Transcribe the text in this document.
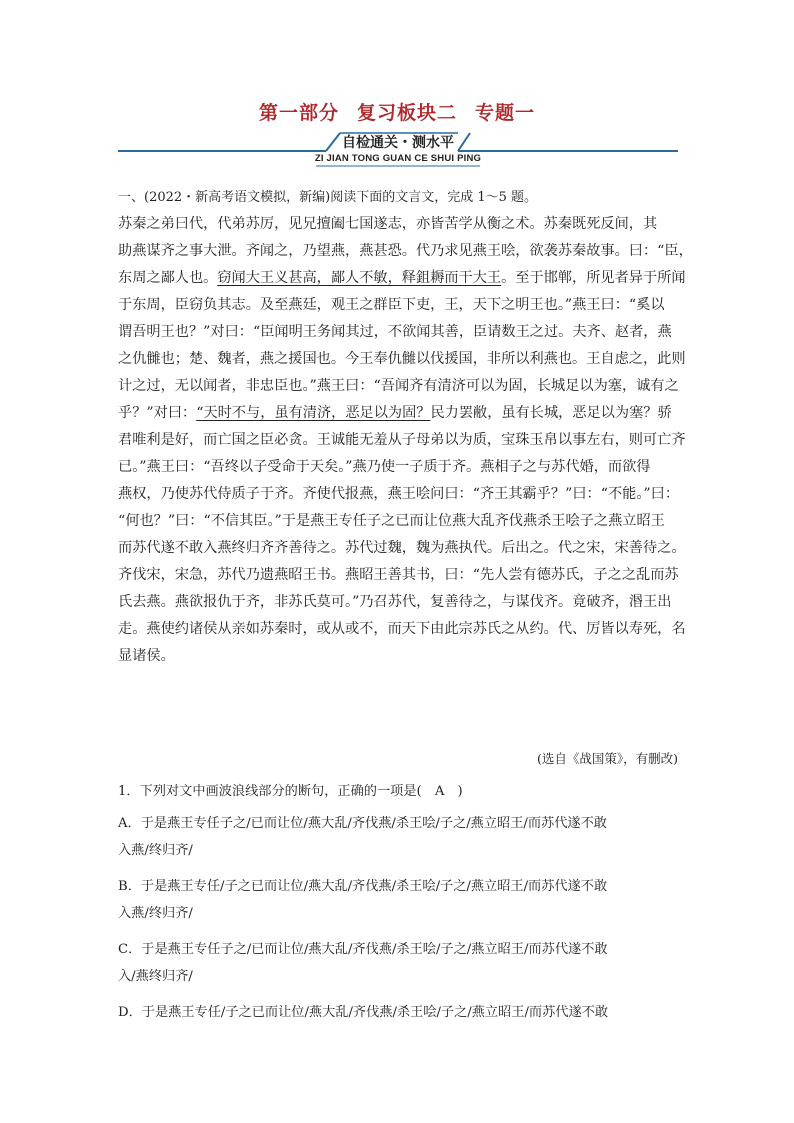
第一部分 复习板块二 专题一
自检通关・测水平
ZI JIAN TONG GUAN CE SHUI PING
一、(2022・新高考语文模拟，新编)阅读下面的文言文，完成 1～5 题。
苏秦之弟曰代，代弟苏厉，见兄擅阖七国遂志，亦皆苦学从衡之术。苏秦既死反间，其
助燕谋齐之事大泄。齐闻之，乃望燕，燕甚恐。代乃求见燕王哙，欲袭苏秦故事。曰：“臣，
东周之鄙人也。窃闻大王义甚高，鄙人不敏，释鉏耨而干大王。至于邯郸，所见者异于所闻
于东周，臣窃负其志。及至燕廷，观王之群臣下吏，王，天下之明王也。”燕王曰：“奚以
谓吾明王也？”对曰：“臣闻明王务闻其过，不欲闻其善，臣请数王之过。夫齐、赵者，燕
之仇雠也；楚、魏者，燕之援国也。今王奉仇雠以伐援国，非所以利燕也。王自虑之，此则
计之过，无以闻者，非忠臣也。”燕王曰：“吾闻齐有清济可以为固，长城足以为塞，诚有之
乎？”对曰：“天时不与，虽有清济，恶足以为固？民力罢敝，虽有长城，恶足以为塞？骄
君唯利是好，而亡国之臣必贪。王诚能无羞从子母弟以为质，宝珠玉帛以事左右，则可亡齐
已。”燕王曰：“吾终以子受命于天矣。”燕乃使一子质于齐。燕相子之与苏代婚，而欲得
燕权，乃使苏代侍质子于齐。齐使代报燕，燕王哙问曰：“齐王其霸乎？”曰：“不能。”曰：
“何也？”曰：“不信其臣。”于是燕王专任子之已而让位燕大乱齐伐燕杀王哙子之燕立昭王
而苏代遂不敢入燕终归齐齐善待之。苏代过魏，魏为燕执代。后出之。代之宋，宋善待之。
齐伐宋，宋急，苏代乃遗燕昭王书。燕昭王善其书，曰：“先人尝有德苏氏，子之之乱而苏
氏去燕。燕欲报仇于齐，非苏氏莫可。”乃召苏代，复善待之，与谋伐齐。竟破齐，湣王出
走。燕使约诸侯从亲如苏秦时，或从或不，而天下由此宗苏氏之从约。代、厉皆以寿死，名
显诸侯。
(选自《战国策》，有删改)
1．下列对文中画波浪线部分的断句，正确的一项是(　A　)
A．于是燕王专任子之/已而让位/燕大乱/齐伐燕/杀王哙/子之/燕立昭王/而苏代遂不敢
入燕/终归齐/
B．于是燕王专任/子之已而让位/燕大乱/齐伐燕/杀王哙/子之/燕立昭王/而苏代遂不敢
入燕/终归齐/
C．于是燕王专任子之/已而让位/燕大乱/齐伐燕/杀王哙/子之/燕立昭王/而苏代遂不敢
入/燕终归齐/
D．于是燕王专任/子之已而让位/燕大乱/齐伐燕/杀王哙/子之/燕立昭王/而苏代遂不敢
